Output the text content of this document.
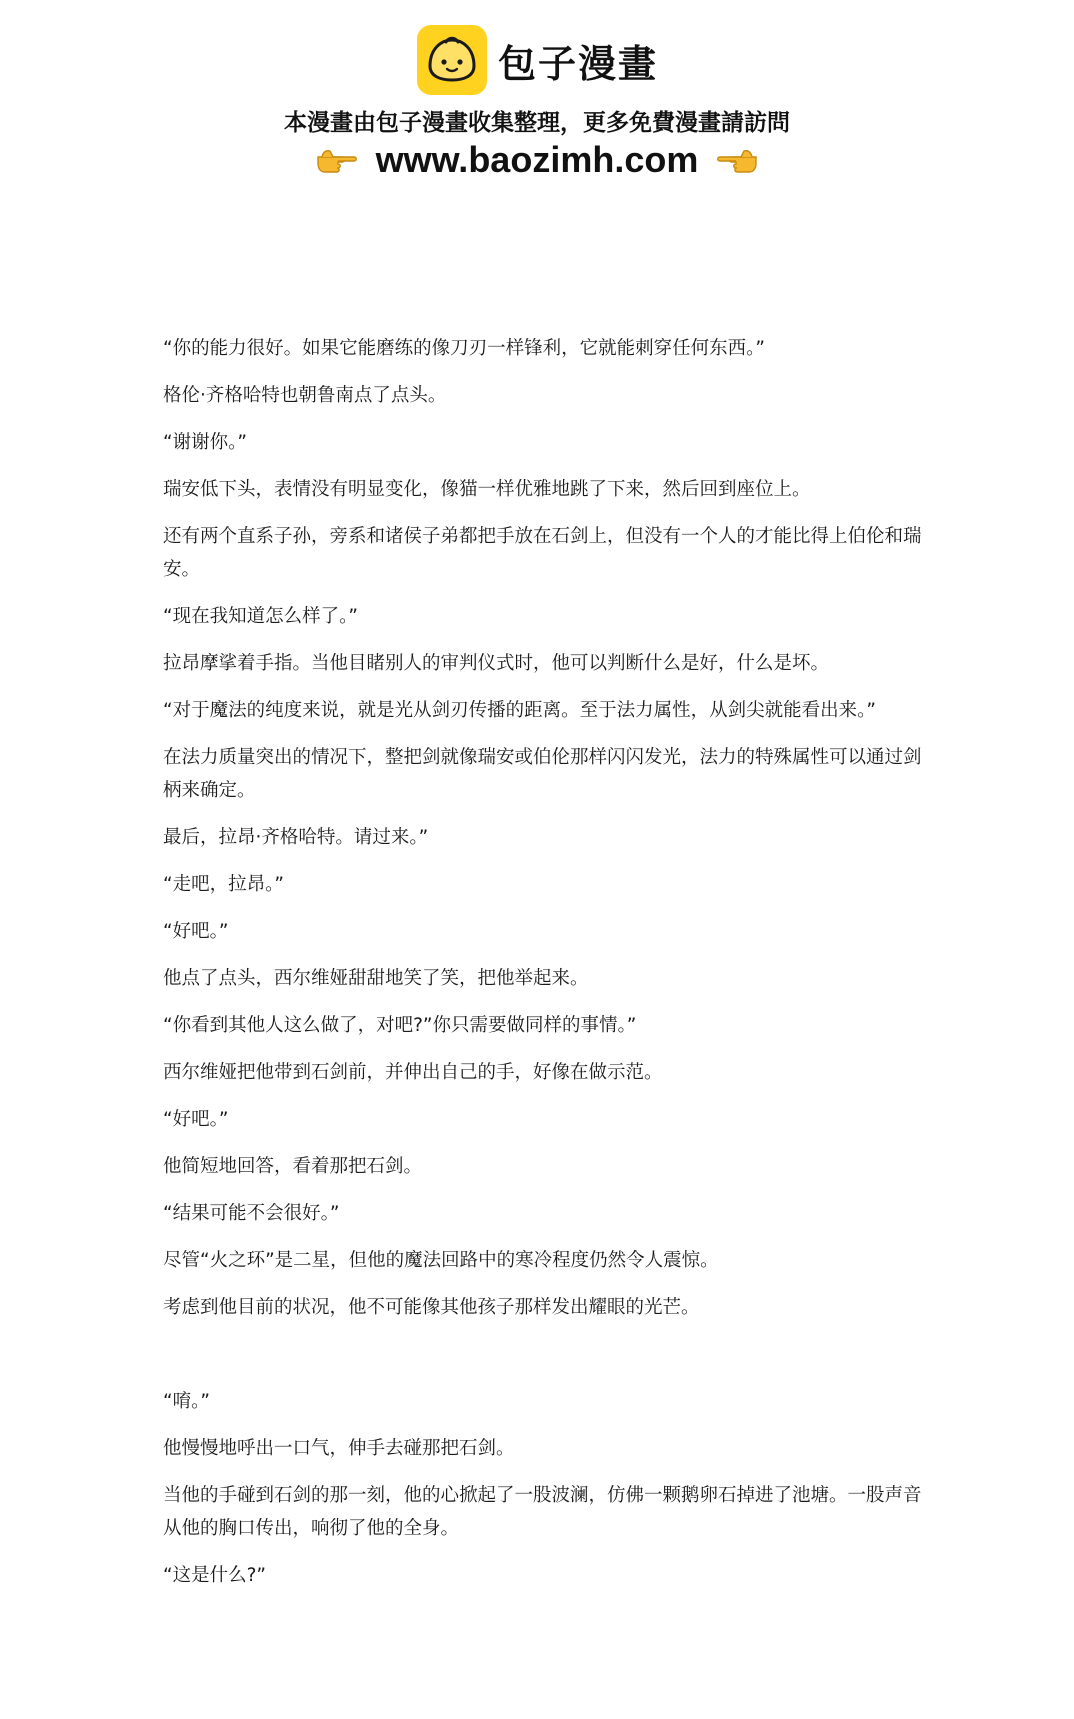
包子漫畫
本漫畫由包子漫畫收集整理，更多免費漫畫請訪問
www.baozimh.com

“你的能力很好。如果它能磨练的像刀刃一样锋利，它就能刺穿任何东西。”

格伦·齐格哈特也朝鲁南点了点头。

“谢谢你。”

瑞安低下头，表情没有明显变化，像猫一样优雅地跳了下来，然后回到座位上。

还有两个直系子孙，旁系和诸侯子弟都把手放在石剑上，但没有一个人的才能比得上伯伦和瑞安。

“现在我知道怎么样了。”

拉昂摩挲着手指。当他目睹别人的审判仪式时，他可以判断什么是好，什么是坏。

“对于魔法的纯度来说，就是光从剑刃传播的距离。至于法力属性，从剑尖就能看出来。”

在法力质量突出的情况下，整把剑就像瑞安或伯伦那样闪闪发光，法力的特殊属性可以通过剑柄来确定。

最后，拉昂·齐格哈特。请过来。”

“走吧，拉昂。”

“好吧。”

他点了点头，西尔维娅甜甜地笑了笑，把他举起来。

“你看到其他人这么做了，对吧?”你只需要做同样的事情。”

西尔维娅把他带到石剑前，并伸出自己的手，好像在做示范。

“好吧。”

他简短地回答，看着那把石剑。

“结果可能不会很好。”

尽管“火之环”是二星，但他的魔法回路中的寒冷程度仍然令人震惊。

考虑到他目前的状况，他不可能像其他孩子那样发出耀眼的光芒。

“唷。”

他慢慢地呼出一口气，伸手去碰那把石剑。

当他的手碰到石剑的那一刻，他的心掀起了一股波澜，仿佛一颗鹅卵石掉进了池塘。一股声音从他的胸口传出，响彻了他的全身。

“这是什么?”
